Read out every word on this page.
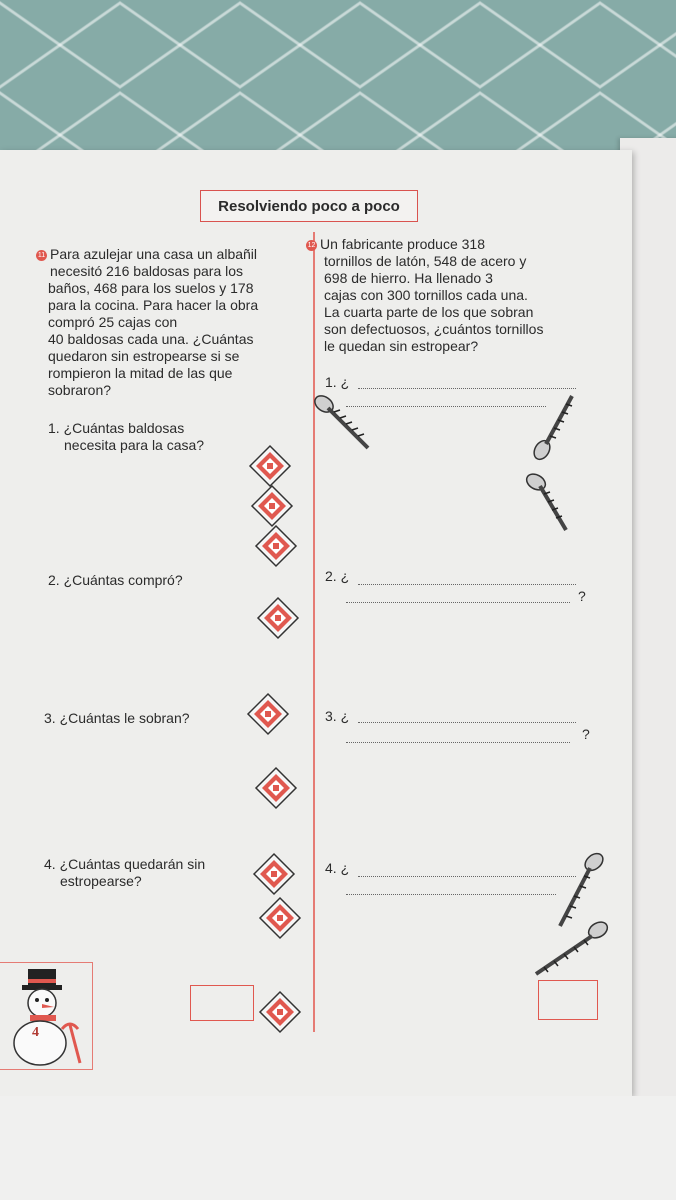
Resolviendo poco a poco
11 Para azulejar una casa un albañil
necesitó 216 baldosas para los
baños, 468 para los suelos y 178
para la cocina. Para hacer la obra
compró 25 cajas con
40 baldosas cada una. ¿Cuántas
quedaron sin estropearse si se
rompieron la mitad de las que
sobraron?
1. ¿Cuántas baldosas
necesita para la casa?
2. ¿Cuántas compró?
3. ¿Cuántas le sobran?
4. ¿Cuántas quedarán sin
estropearse?
12 Un fabricante produce 318
tornillos de latón, 548 de acero y
698 de hierro. Ha llenado 3
cajas con 300 tornillos cada una.
La cuarta parte de los que sobran
son defectuosos, ¿cuántos tornillos
le quedan sin estropear?
1. ¿
2. ¿
?
3. ¿
?
4. ¿
4
